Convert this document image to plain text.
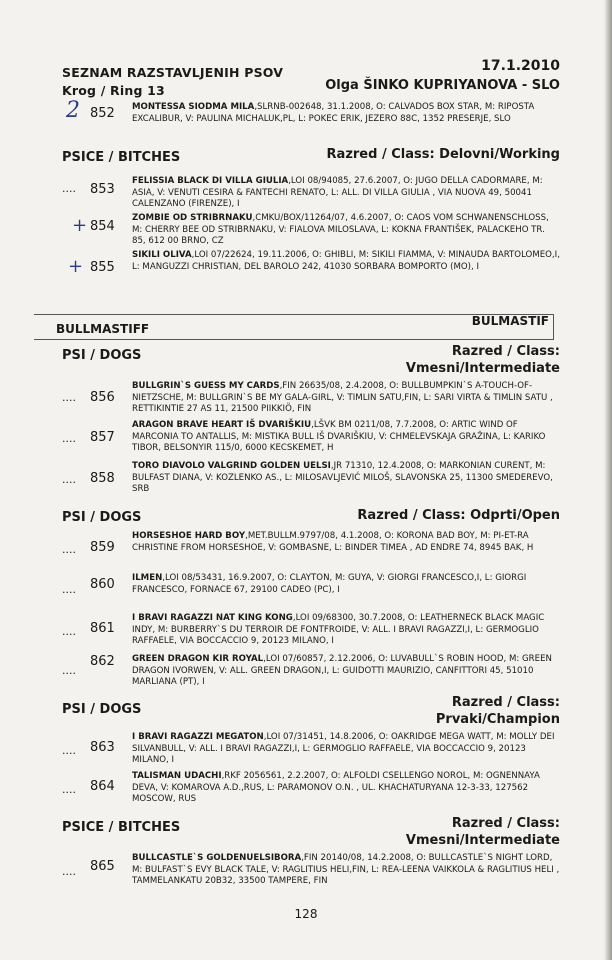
SEZNAM RAZSTAVLJENIH PSOV
Krog / Ring 13
17.1.2010
Olga ŠINKO KUPRIYANOVA - SLO
2 852 MONTESSA SIODMA MILA,SLRNB-002648, 31.1.2008, O: CALVADOS BOX STAR, M: RIPOSTA EXCALIBUR, V: PAULINA MICHALUK,PL, L: POKEC ERIK, JEZERO 88C, 1352 PRESERJE, SLO
PSICE / BITCHES	Razred / Class: Delovni/Working
.... 853
FELISSIA BLACK DI VILLA GIULIA,LOI 08/94085, 27.6.2007, O: JUGO DELLA CADORMARE, M: ASIA, V: VENUTI CESIRA & FANTECHI RENATO, L: ALL. DI VILLA GIULIA , VIA NUOVA 49, 50041 CALENZANO (FIRENZE), I
+ 854
ZOMBIE OD STRIBRNAKU,CMKU/BOX/11264/07, 4.6.2007, O: CAOS VOM SCHWANENSCHLOSS, M: CHERRY BEE OD STRIBRNAKU, V: FIALOVA MILOSLAVA, L: KOKNA FRANTIŠEK, PALACKEHO TR. 85, 612 00 BRNO, CZ
+ 855
SIKILI OLIVA,LOI 07/22624, 19.11.2006, O: GHIBLI, M: SIKILI FIAMMA, V: MINAUDA BARTOLOMEO,I, L: MANGUZZI CHRISTIAN, DEL BAROLO 242, 41030 SORBARA BOMPORTO (MO), I
BULLMASTIFF
BULMASTIF
PSI / DOGS	Razred / Class:
Vmesni/Intermediate
.... 856
BULLGRIN`S GUESS MY CARDS,FIN 26635/08, 2.4.2008, O: BULLBUMPKIN`S A-TOUCH-OF-NIETZSCHE, M: BULLGRIN`S BE MY GALA-GIRL, V: TIMLIN SATU,FIN, L: SARI VIRTA & TIMLIN SATU , RETTIKINTIE 27 AS 11, 21500 PIIKKIÖ, FIN
.... 857
ARAGON BRAVE HEART IŠ DVARIŠKIU,LŠVK BM 0211/08, 7.7.2008, O: ARTIC WIND OF MARCONIA TO ANTALLIS, M: MISTIKA BULL IŠ DVARIŠKIU, V: CHMELEVSKAJA GRAŽINA, L: KARIKO TIBOR, BELSONYIR 115/0, 6000 KECSKEMET, H
.... 858
TORO DIAVOLO VALGRIND GOLDEN UELSI,JR 71310, 12.4.2008, O: MARKONIAN CURENT, M: BULFAST DIANA, V: KOZLENKO AS., L: MILOSAVLJEVIĆ MILOŠ, SLAVONSKA 25, 11300 SMEDEREVO, SRB
PSI / DOGS	Razred / Class: Odprti/Open
.... 859
HORSESHOE HARD BOY,MET.BULLM.9797/08, 4.1.2008, O: KORONA BAD BOY, M: PI-ET-RA CHRISTINE FROM HORSESHOE, V: GOMBASNE, L: BINDER TIMEA , AD ENDRE 74, 8945 BAK, H
.... 860 ILMEN,LOI 08/53431, 16.9.2007, O: CLAYTON, M: GUYA, V: GIORGI FRANCESCO,I, L: GIORGI FRANCESCO, FORNACE 67, 29100 CADEO (PC), I
.... 861
I BRAVI RAGAZZI NAT KING KONG,LOI 09/68300, 30.7.2008, O: LEATHERNECK BLACK MAGIC INDY, M: BURBERRY`S DU TERROIR DE FONTFROIDE, V: ALL. I BRAVI RAGAZZI,I, L: GERMOGLIO RAFFAELE, VIA BOCCACCIO 9, 20123 MILANO, I
....
862 GREEN DRAGON KIR ROYAL,LOI 07/60857, 2.12.2006, O: LUVABULL`S ROBIN HOOD, M: GREEN DRAGON IVORWEN, V: ALL. GREEN DRAGON,I, L: GUIDOTTI MAURIZIO, CANFITTORI 45, 51010 MARLIANA (PT), I
PSI / DOGS	Razred / Class:
Prvaki/Champion
.... 863
I BRAVI RAGAZZI MEGATON,LOI 07/31451, 14.8.2006, O: OAKRIDGE MEGA WATT, M: MOLLY DEI SILVANBULL, V: ALL. I BRAVI RAGAZZI,I, L: GERMOGLIO RAFFAELE, VIA BOCCACCIO 9, 20123 MILANO, I
.... 864
TALISMAN UDACHI,RKF 2056561, 2.2.2007, O: ALFOLDI CSELLENGO NOROL, M: OGNENNAYA DEVA, V: KOMAROVA A.D.,RUS, L: PARAMONOV O.N. , UL. KHACHATURYANA 12-3-33, 127562 MOSCOW, RUS
PSICE / BITCHES	Razred / Class:
Vmesni/Intermediate
.... 865
BULLCASTLE`S GOLDENUELSIBORA,FIN 20140/08, 14.2.2008, O: BULLCASTLE`S NIGHT LORD, M: BULFAST`S EVY BLACK TALE, V: RAGLITIUS HELI,FIN, L: REA-LEENA VAIKKOLA & RAGLITIUS HELI , TAMMELANKATU 20B32, 33500 TAMPERE, FIN
128
